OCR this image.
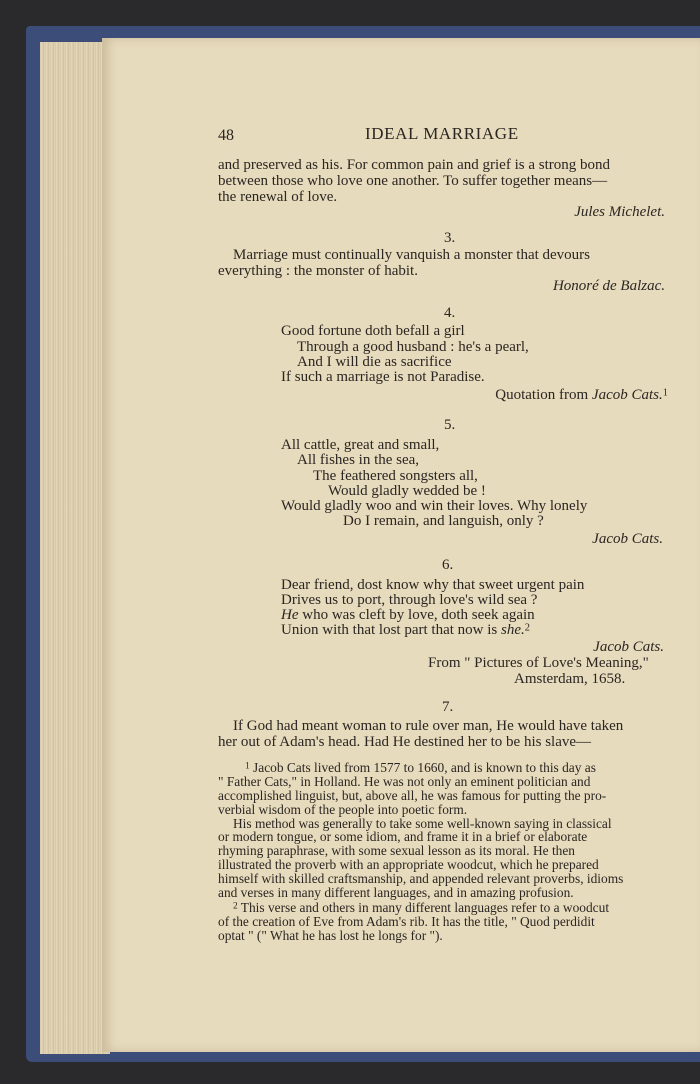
48	IDEAL MARRIAGE
and preserved as his. For common pain and grief is a strong bond
between those who love one another. To suffer together means—
the renewal of love.
Jules Michelet.
3.
Marriage must continually vanquish a monster that devours
everything : the monster of habit.
Honoré de Balzac.
4.
Good fortune doth befall a girl
Through a good husband : he's a pearl,
And I will die as sacrifice
If such a marriage is not Paradise.
Quotation from Jacob Cats.$^1$
5.
All cattle, great and small,
All fishes in the sea,
The feathered songsters all,
Would gladly wedded be !
Would gladly woo and win their loves. Why lonely
Do I remain, and languish, only ?
Jacob Cats.
6.
Dear friend, dost know why that sweet urgent pain
Drives us to port, through love's wild sea ?
He who was cleft by love, doth seek again
Union with that lost part that now is she.$^2$
Jacob Cats.
From " Pictures of Love's Meaning,"
Amsterdam, 1658.
7.
If God had meant woman to rule over man, He would have taken
her out of Adam's head. Had He destined her to be his slave—
$^1$ Jacob Cats lived from 1577 to 1660, and is known to this day as
" Father Cats," in Holland. He was not only an eminent politician and
accomplished linguist, but, above all, he was famous for putting the pro-
verbial wisdom of the people into poetic form.
His method was generally to take some well-known saying in classical
or modern tongue, or some idiom, and frame it in a brief or elaborate
rhyming paraphrase, with some sexual lesson as its moral. He then
illustrated the proverb with an appropriate woodcut, which he prepared
himself with skilled craftsmanship, and appended relevant proverbs, idioms
and verses in many different languages, and in amazing profusion.
$^2$ This verse and others in many different languages refer to a woodcut
of the creation of Eve from Adam's rib. It has the title, " Quod perdidit
optat " (" What he has lost he longs for ").
